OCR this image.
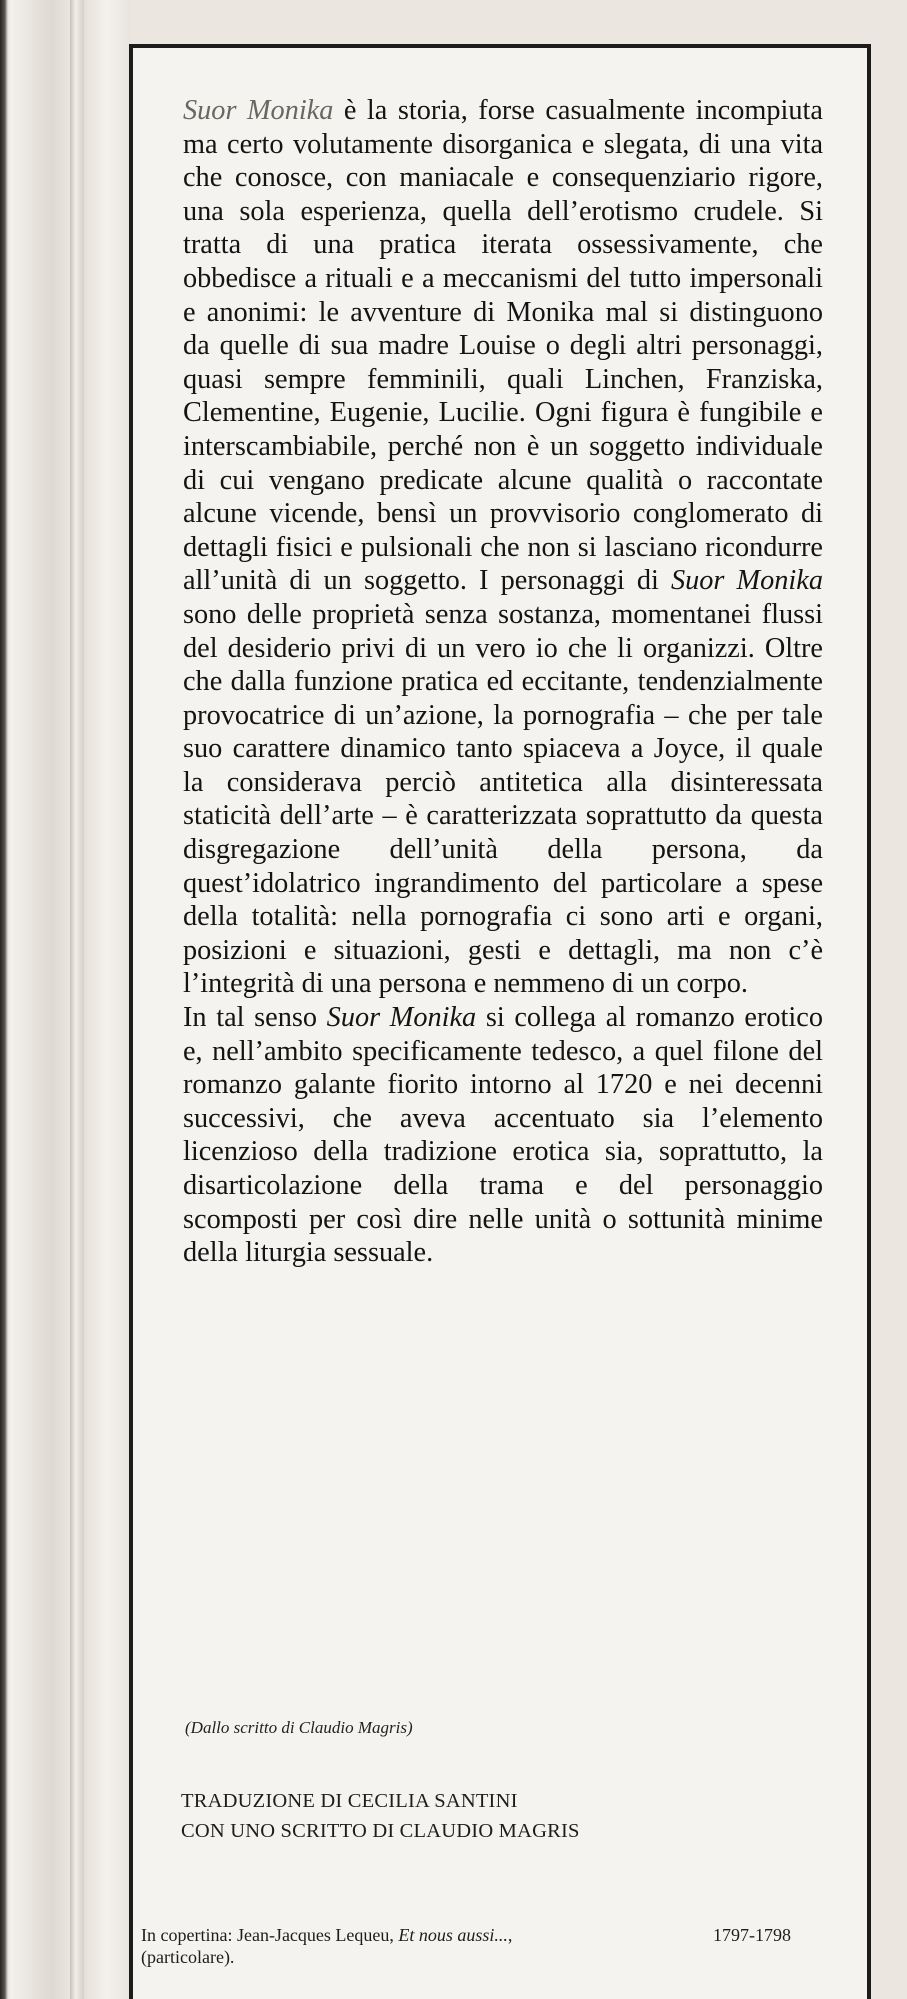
Suor Monika è la storia, forse casualmente incompiuta ma certo volutamente disorganica e slegata, di una vita che conosce, con maniacale e consequenziario rigore, una sola esperienza, quella dell’erotismo crudele. Si tratta di una pratica iterata ossessivamente, che obbedisce a rituali e a meccanismi del tutto impersonali e anonimi: le avventure di Monika mal si distinguono da quelle di sua madre Louise o degli altri personaggi, quasi sempre femminili, quali Linchen, Franziska, Clementine, Eugenie, Lucilie. Ogni figura è fungibile e interscambiabile, perché non è un soggetto individuale di cui vengano predicate alcune qualità o raccontate alcune vicende, bensì un provvisorio conglomerato di dettagli fisici e pulsionali che non si lasciano ricondurre all’unità di un soggetto. I personaggi di Suor Monika sono delle proprietà senza sostanza, momentanei flussi del desiderio privi di un vero io che li organizzi. Oltre che dalla funzione pratica ed eccitante, tendenzialmente provocatrice di un’azione, la pornografia – che per tale suo carattere dinamico tanto spiaceva a Joyce, il quale la considerava perciò antitetica alla disinteressata staticità dell’arte – è caratterizzata soprattutto da questa disgregazione dell’unità della persona, da quest’idolatrico ingrandimento del particolare a spese della totalità: nella pornografia ci sono arti e organi, posizioni e situazioni, gesti e dettagli, ma non c’è l’integrità di una persona e nemmeno di un corpo.

In tal senso Suor Monika si collega al romanzo erotico e, nell’ambito specificamente tedesco, a quel filone del romanzo galante fiorito intorno al 1720 e nei decenni successivi, che aveva accentuato sia l’elemento licenzioso della tradizione erotica sia, soprattutto, la disarticolazione della trama e del personaggio scomposti per così dire nelle unità o sottunità minime della liturgia sessuale.

(Dallo scritto di Claudio Magris)
TRADUZIONE DI CECILIA SANTINI
CON UNO SCRITTO DI CLAUDIO MAGRIS
In copertina: Jean-Jacques Lequeu, Et nous aussi...,	1797-1798
(particolare).
